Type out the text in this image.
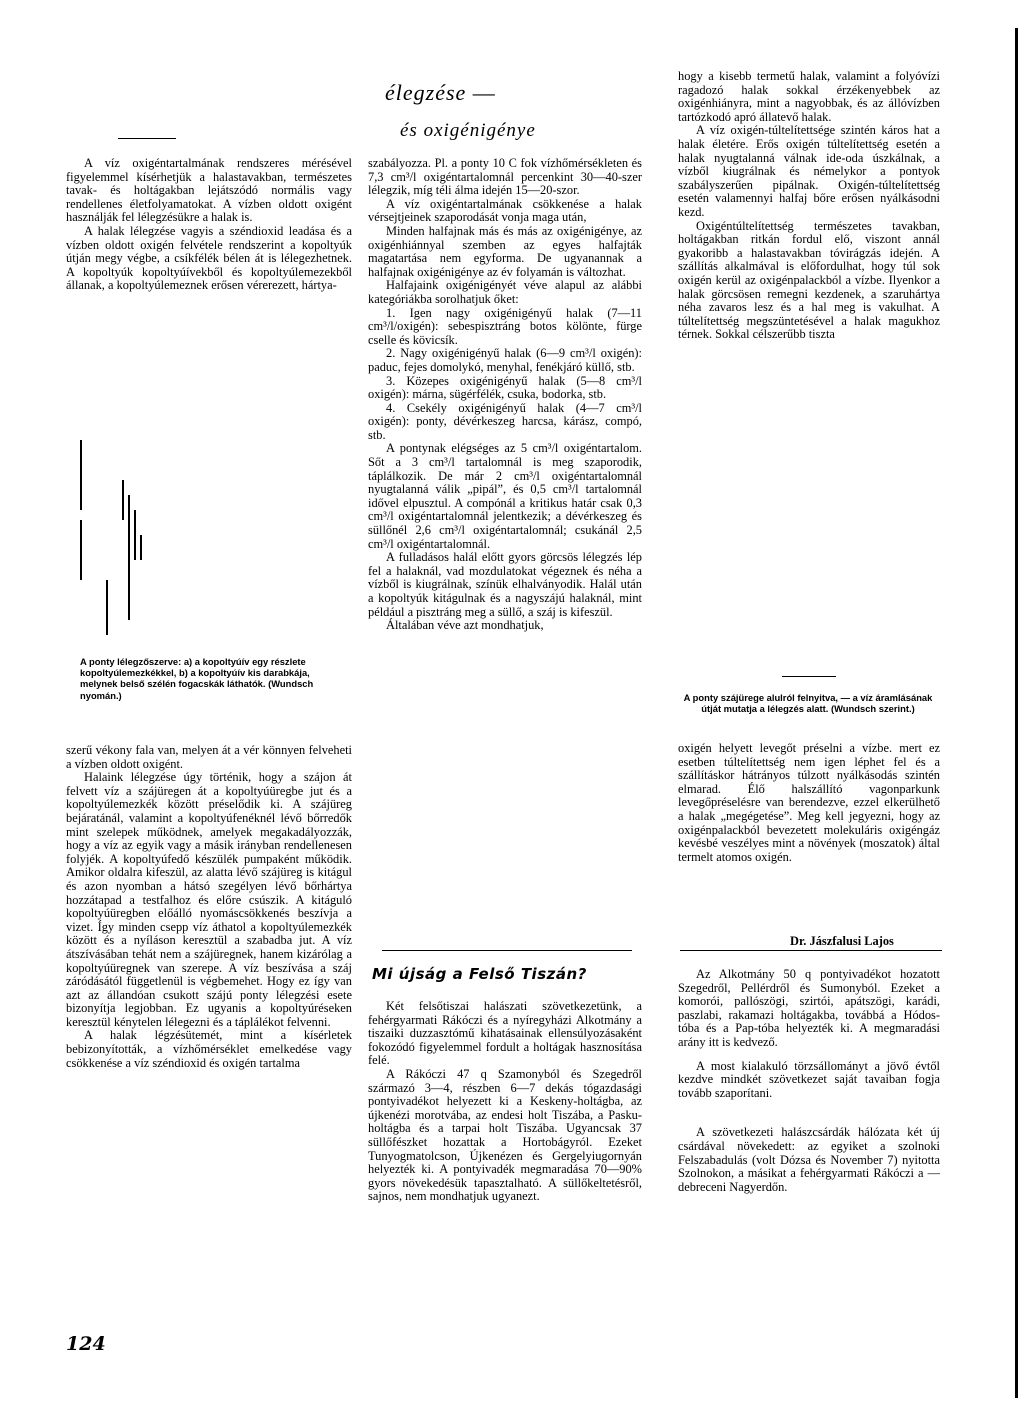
élegzése —
és oxigénigénye

A víz oxigéntartalmának rendszeres mérésével figyelemmel kísérhetjük a halastavakban, természetes tavak- és holtágakban lejátszódó normális vagy rendellenes életfolyamatokat. A vízben oldott oxigént használják fel lélegzésükre a halak is.

A halak lélegzése vagyis a széndioxid leadása és a vízben oldott oxigén felvétele rendszerint a kopoltyúk útján megy végbe, a csíkfélék bélen át is lélegezhetnek. A kopoltyúk kopoltyúívekből és kopoltyúlemezekből állanak, a kopoltyúlemeznek erősen vérerezett, hártya-

A ponty lélegzőszerve: a) a kopoltyúív egy részlete kopoltyúlemezkékkel, b) a kopoltyúív kis darabkája, melynek belső szélén fogacskák láthatók. (Wundsch nyomán.)

szerű vékony fala van, melyen át a vér könnyen felveheti a vízben oldott oxigént.

Halaink lélegzése úgy történik, hogy a szájon át felvett víz a szájüregen át a kopoltyúüregbe jut és a kopoltyúlemezkék között préselődik ki. A szájüreg bejáratánál, valamint a kopoltyúfenéknél lévő bőrredők mint szelepek működnek, amelyek megakadályozzák, hogy a víz az egyik vagy a másik irányban rendellenesen folyjék. A kopoltyúfedő készülék pumpaként működik. Amikor oldalra kifeszül, az alatta lévő szájüreg is kitágul és azon nyomban a hátsó szegélyen lévő bőrhártya hozzátapad a testfalhoz és előre csúszik. A kitáguló kopoltyúüregben előálló nyomáscsökkenés beszívja a vizet. Így minden csepp víz áthatol a kopoltyúlemezkék között és a nyíláson keresztül a szabadba jut. A víz átszívásában tehát nem a szájüregnek, hanem kizárólag a kopoltyúüregnek van szerepe. A víz beszívása a száj záródásától függetlenül is végbemehet. Hogy ez így van azt az állandóan csukott szájú ponty lélegzési esete bizonyítja legjobban. Ez ugyanis a kopoltyúréseken keresztül kénytelen lélegezni és a táplálékot felvenni.

A halak légzésütemét, mint a kísérletek bebizonyították, a vízhőmérséklet emelkedése vagy csökkenése a víz széndioxid és oxigén tartalma

szabályozza. Pl. a ponty 10 C fok vízhőmérsékleten és 7,3 cm³/l oxigéntartalomnál percenkint 30—40-szer lélegzik, míg téli álma idején 15—20-szor.

A víz oxigéntartalmának csökkenése a halak vérsejtjeinek szaporodását vonja maga után,

Minden halfajnak más és más az oxigénigénye, az oxigénhiánnyal szemben az egyes halfajták magatartása nem egyforma. De ugyanannak a halfajnak oxigénigénye az év folyamán is változhat.

Halfajaink oxigénigényét véve alapul az alábbi kategóriákba sorolhatjuk őket:

1. Igen nagy oxigénigényű halak (7—11 cm³/l/oxigén): sebespisztráng botos kölönte, fürge cselle és kövicsík.

2. Nagy oxigénigényű halak (6—9 cm³/l oxigén): paduc, fejes domolykó, menyhal, fenékjáró küllő, stb.

3. Közepes oxigénigényű halak (5—8 cm³/l oxigén): márna, sügérfélék, csuka, bodorka, stb.

4. Csekély oxigénigényű halak (4—7 cm³/l oxigén): ponty, dévérkeszeg harcsa, kárász, compó, stb.

A pontynak elégséges az 5 cm³/l oxigéntartalom. Sőt a 3 cm³/l tartalomnál is meg szaporodik, táplálkozik. De már 2 cm³/l oxigéntartalomnál nyugtalanná válik „pipál”, és 0,5 cm³/l tartalomnál idővel elpusztul. A compónál a kritikus határ csak 0,3 cm³/l oxigéntartalomnál jelentkezik; a dévérkeszeg és süllőnél 2,6 cm³/l oxigéntartalomnál; csukánál 2,5 cm³/l oxigéntartalomnál.

A fulladásos halál előtt gyors görcsös lélegzés lép fel a halaknál, vad mozdulatokat végeznek és néha a vízből is kiugrálnak, színük elhalványodik. Halál után a kopoltyúk kitágulnak és a nagyszájú halaknál, mint például a pisztráng meg a süllő, a száj is kifeszül.

Általában véve azt mondhatjuk,

hogy a kisebb termetű halak, valamint a folyóvízi ragadozó halak sokkal érzékenyebbek az oxigénhiányra, mint a nagyobbak, és az állóvízben tartózkodó apró állatevő halak.

A víz oxigén-túltelítettsége szintén káros hat a halak életére. Erős oxigén túltelítettség esetén a halak nyugtalanná válnak ide-oda úszkálnak, a vízből kiugrálnak és némelykor a pontyok szabályszerűen pipálnak. Oxigén-túltelítettség esetén valamennyi halfaj bőre erősen nyálkásodni kezd.

Oxigéntúltelítettség természetes tavakban, holtágakban ritkán fordul elő, viszont annál gyakoribb a halastavakban tóvirágzás idején. A szállítás alkalmával is előfordulhat, hogy túl sok oxigén kerül az oxigénpalackból a vízbe. Ilyenkor a halak görcsösen remegni kezdenek, a szaruhártya néha zavaros lesz és a hal meg is vakulhat. A túltelítettség megszüntetésével a halak magukhoz térnek. Sokkal célszerűbb tiszta

A ponty szájürege alulról felnyitva, — a víz áramlásának útját mutatja a lélegzés alatt. (Wundsch szerint.)

oxigén helyett levegőt préselni a vízbe. mert ez esetben túltelítettség nem igen léphet fel és a szállításkor hátrányos túlzott nyálkásodás szintén elmarad. Élő halszállító vagonparkunk levegőpréselésre van berendezve, ezzel elkerülhető a halak „megégetése”. Meg kell jegyezni, hogy az oxigénpalackból bevezetett molekuláris oxigéngáz kevésbé veszélyes mint a növények (moszatok) által termelt atomos oxigén.

Dr. Jászfalusi Lajos
Mi újság a Felső Tiszán?

Két felsőtiszai halászati szövetkezetünk, a fehérgyarmati Rákóczi és a nyíregyházi Alkotmány a tiszaiki duzzasztómű kihatásainak ellensúlyozásaként fokozódó figyelemmel fordult a holtágak hasznosítása felé.

A Rákóczi 47 q Szamonyból és Szegedről származó 3—4, részben 6—7 dekás tógazdasági pontyivadékot helyezett ki a Keskeny-holtágba, az újkenézi morotvába, az endesi holt Tiszába, a Pasku-holtágba és a tarpai holt Tiszába. Ugyancsak 37 süllőfészket hozattak a Hortobágyról. Ezeket Tunyogmatolcson, Újkenézen és Gergelyiugornyán helyezték ki. A pontyivadék megmaradása 70—90% gyors növekedésük tapasztalható. A süllőkeltetésről, sajnos, nem mondhatjuk ugyanezt.

Az Alkotmány 50 q pontyivadékot hozatott Szegedről, Pellérdről és Sumonyból. Ezeket a komorói, pallószögi, szirtói, apátszögi, karádi, paszlabi, rakamazi holtágakba, továbbá a Hódos-tóba és a Pap-tóba helyezték ki. A megmaradási arány itt is kedvező.

A most kialakuló törzsállományt a jövő évtől kezdve mindkét szövetkezet saját tavaiban fogja tovább szaporítani.

A szövetkezeti halászcsárdák hálózata két új csárdával növekedett: az egyiket a szolnoki Felszabadulás (volt Dózsa és November 7) nyitotta Szolnokon, a másikat a fehérgyarmati Rákóczi a — debreceni Nagyerdőn.

124
